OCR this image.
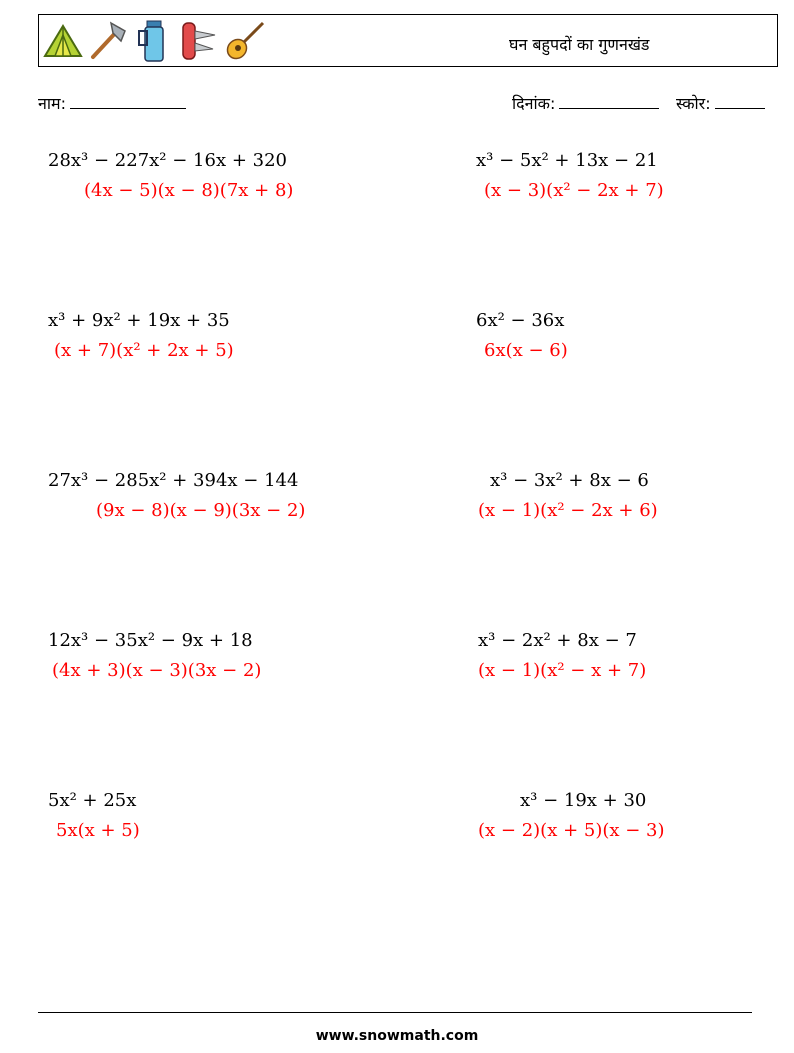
घन बहुपदों का गुणनखंड
नाम:	दिनांक:	स्कोर:
28x³ − 227x² − 16x + 320
(4x − 5)(x − 8)(7x + 8)
x³ − 5x² + 13x − 21
(x − 3)(x² − 2x + 7)
x³ + 9x² + 19x + 35
(x + 7)(x² + 2x + 5)
6x² − 36x
6x(x − 6)
27x³ − 285x² + 394x − 144
(9x − 8)(x − 9)(3x − 2)
x³ − 3x² + 8x − 6
(x − 1)(x² − 2x + 6)
12x³ − 35x² − 9x + 18
(4x + 3)(x − 3)(3x − 2)
x³ − 2x² + 8x − 7
(x − 1)(x² − x + 7)
5x² + 25x
5x(x + 5)
x³ − 19x + 30
(x − 2)(x + 5)(x − 3)
www.snowmath.com
